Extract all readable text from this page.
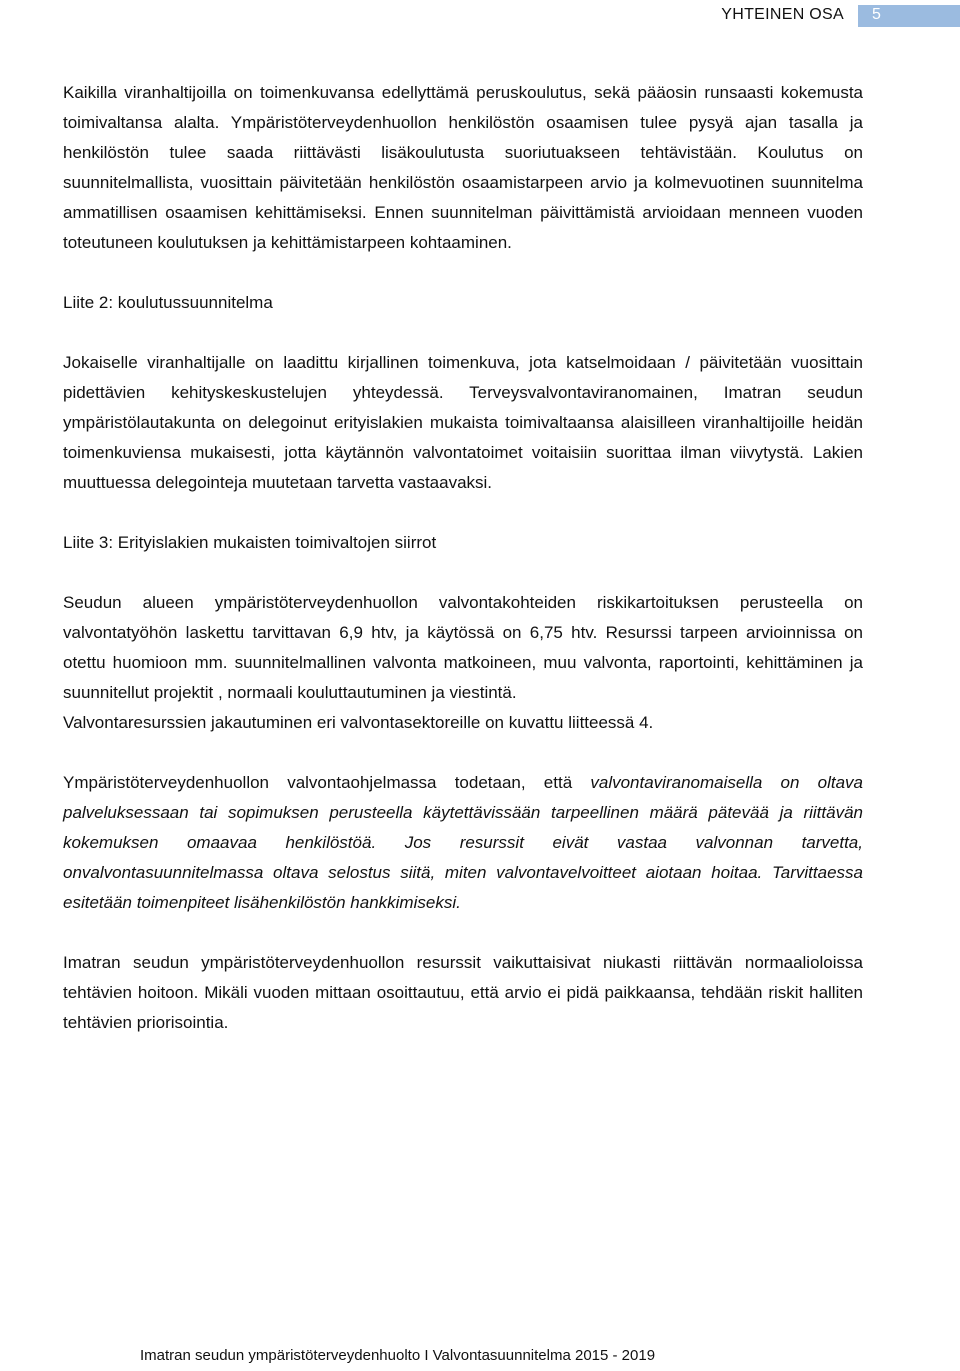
YHTEINEN OSA 5

Kaikilla viranhaltijoilla on toimenkuvansa edellyttämä peruskoulutus, sekä pääosin runsaasti kokemusta toimivaltansa alalta. Ympäristöterveydenhuollon henkilöstön osaamisen tulee pysyä ajan tasalla ja henkilöstön tulee saada riittävästi lisäkoulutusta suoriutuakseen tehtävistään. Koulutus on suunnitelmallista, vuosittain päivitetään henkilöstön osaamistarpeen arvio ja kolmevuotinen suunnitelma ammatillisen osaamisen kehittämiseksi. Ennen suunnitelman päivittämistä arvioidaan menneen vuoden toteutuneen koulutuksen ja kehittämistarpeen kohtaaminen.

Liite 2: koulutussuunnitelma

Jokaiselle viranhaltijalle on laadittu kirjallinen toimenkuva, jota katselmoidaan / päivitetään vuosittain pidettävien kehityskeskustelujen yhteydessä. Terveysvalvontaviranomainen, Imatran seudun ympäristölautakunta on delegoinut erityislakien mukaista toimivaltaansa alaisilleen viranhaltijoille heidän toimenkuviensa mukaisesti, jotta käytännön valvontatoimet voitaisiin suorittaa ilman viivytystä. Lakien muuttuessa delegointeja muutetaan tarvetta vastaavaksi.

Liite 3: Erityislakien mukaisten toimivaltojen siirrot

Seudun alueen ympäristöterveydenhuollon valvontakohteiden riskikartoituksen perusteella on valvontatyöhön laskettu tarvittavan 6,9 htv, ja käytössä on 6,75 htv. Resurssi tarpeen arvioinnissa on otettu huomioon mm. suunnitelmallinen valvonta matkoineen, muu valvonta, raportointi, kehittäminen ja suunnitellut projektit , normaali kouluttautuminen ja viestintä.

Valvontaresurssien jakautuminen eri valvontasektoreille on kuvattu liitteessä 4.

Ympäristöterveydenhuollon valvontaohjelmassa todetaan, että valvontaviranomaisella on oltava palveluksessaan tai sopimuksen perusteella käytettävissään tarpeellinen määrä pätevää ja riittävän kokemuksen omaavaa henkilöstöä. Jos resurssit eivät vastaa valvonnan tarvetta, onvalvontasuunnitelmassa oltava selostus siitä, miten valvontavelvoitteet aiotaan hoitaa. Tarvittaessa esitetään toimenpiteet lisähenkilöstön hankkimiseksi.

Imatran seudun ympäristöterveydenhuollon resurssit vaikuttaisivat niukasti riittävän normaalioloissa tehtävien hoitoon. Mikäli vuoden mittaan osoittautuu, että arvio ei pidä paikkaansa, tehdään riskit halliten tehtävien priorisointia.

Imatran seudun ympäristöterveydenhuolto I Valvontasuunnitelma 2015 - 2019
